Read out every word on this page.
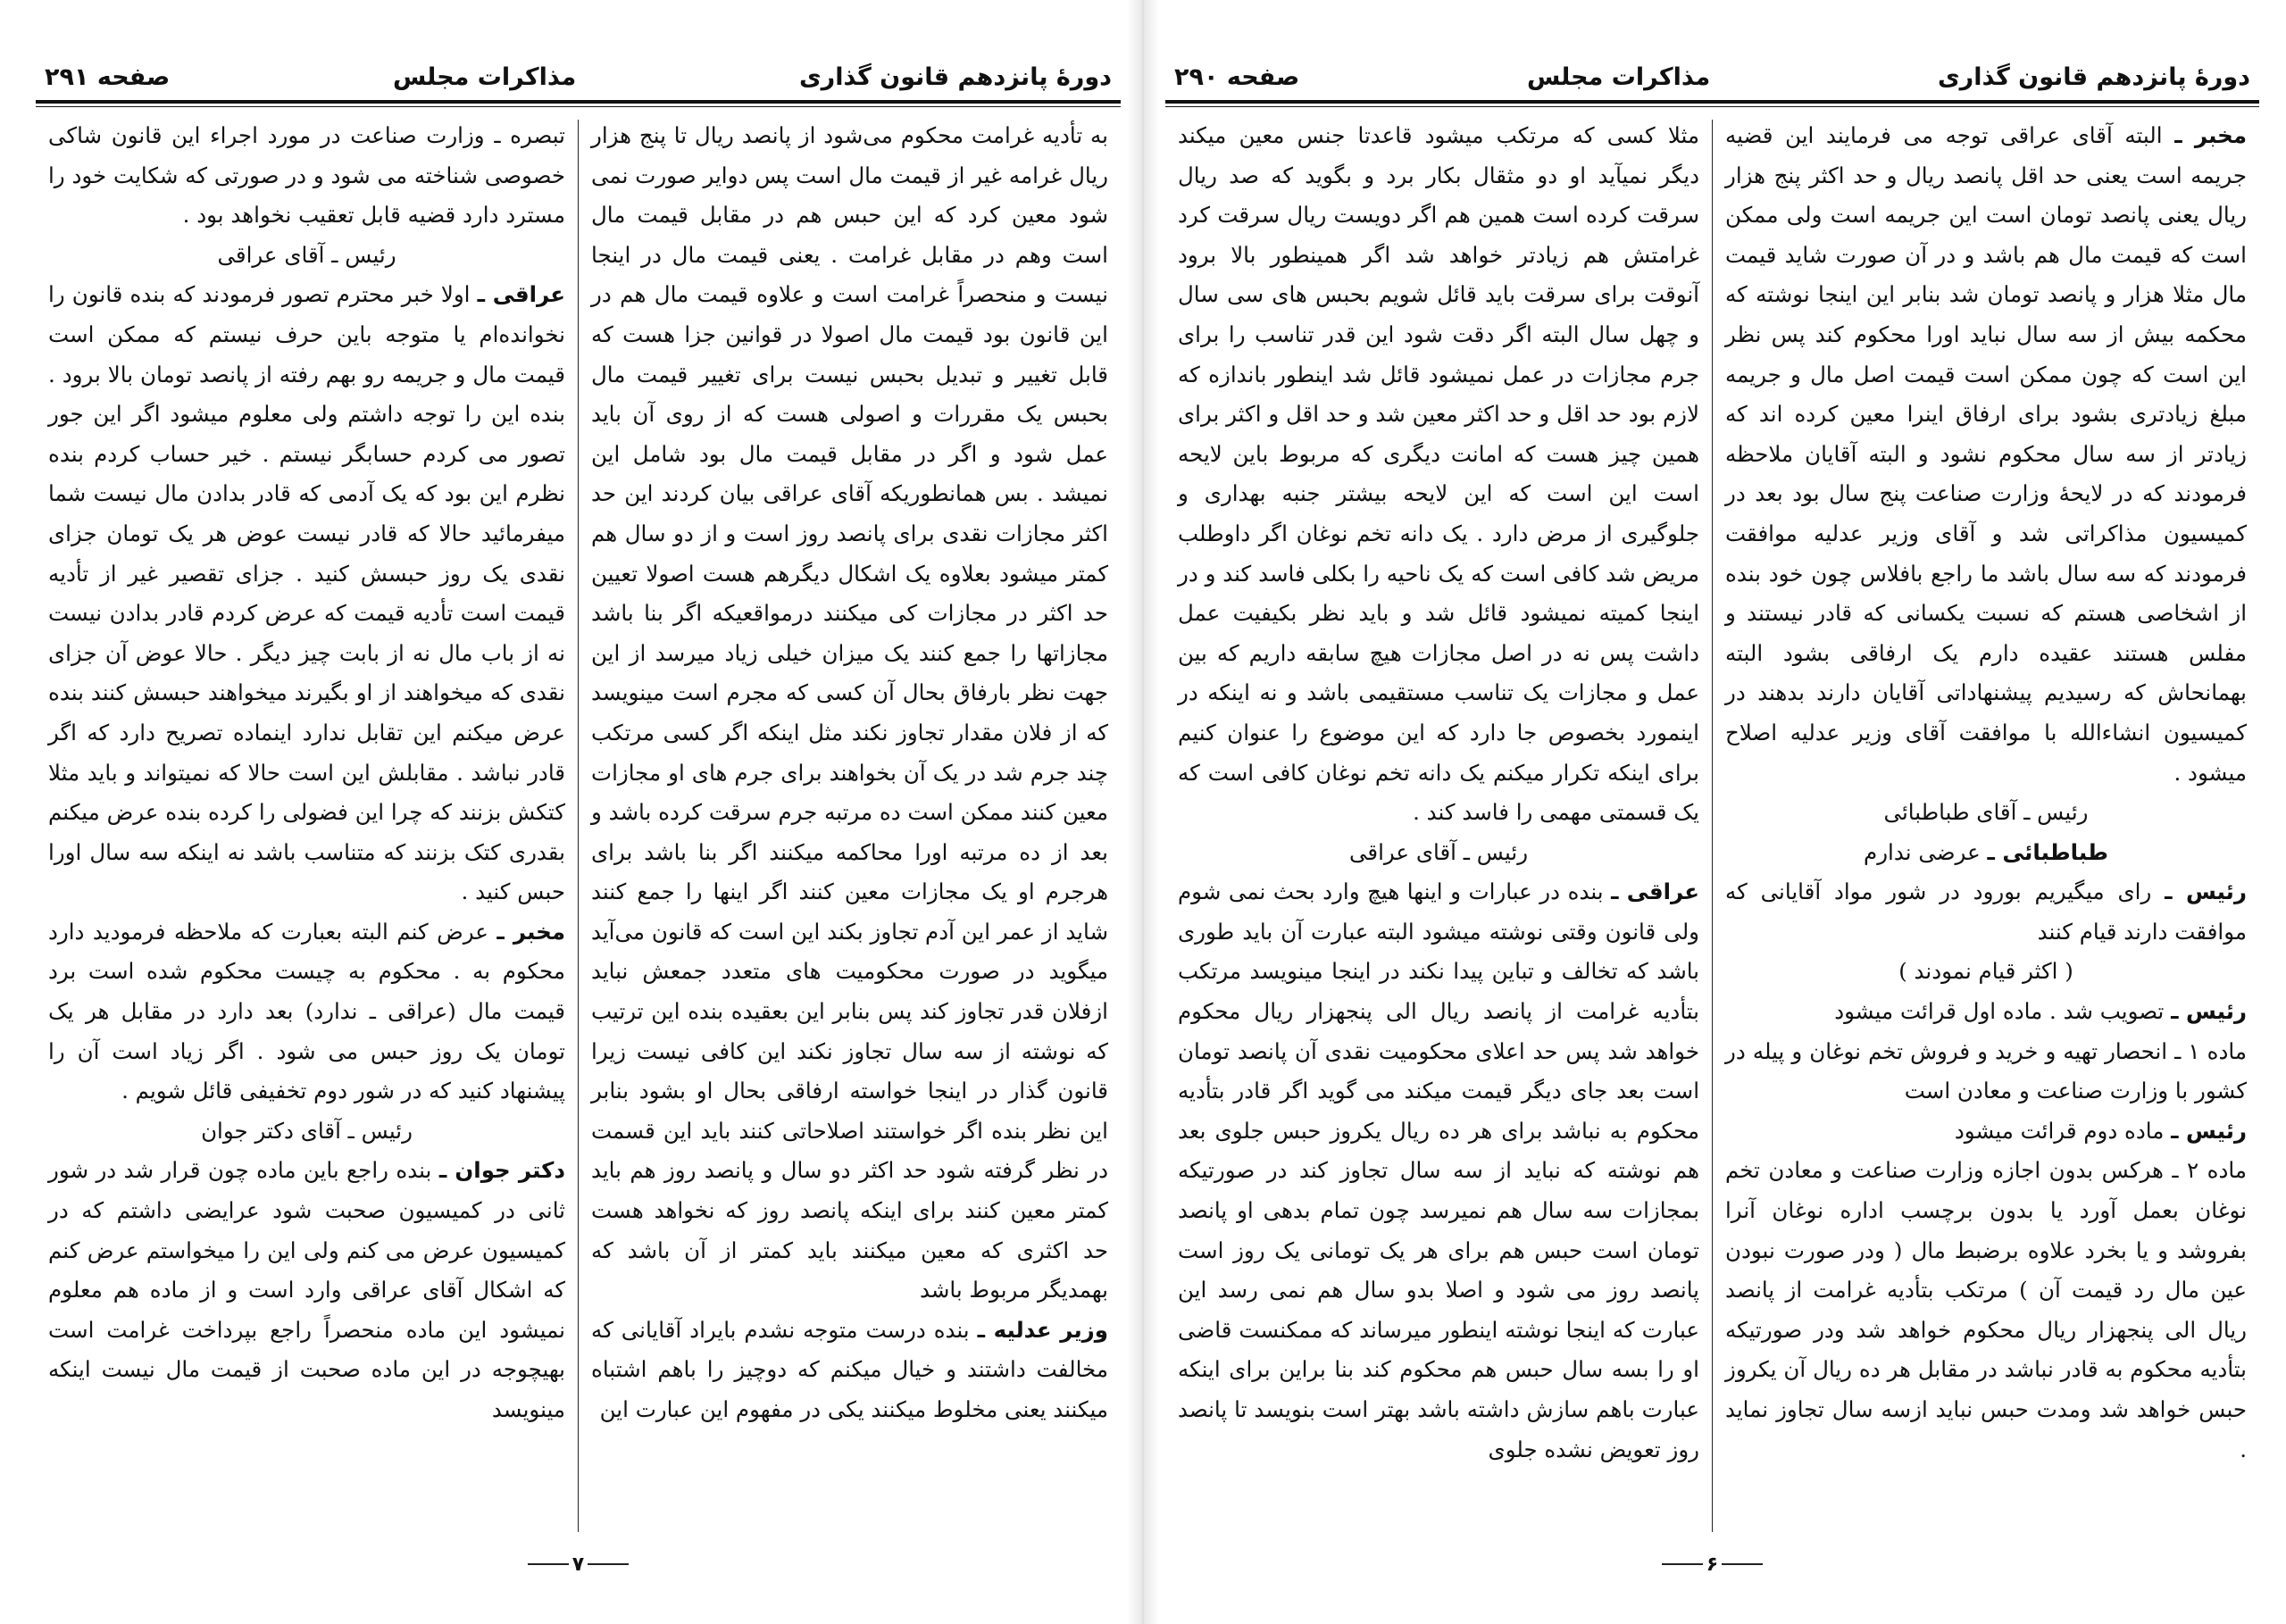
صفحه ۲۹۱	مذاکرات مجلس	دورهٔ پانزدهم قانون گذاری

تبصره ـ وزارت صناعت در مورد اجراء این قانون شاکی خصوصی شناخته می شود و در صورتی که شکایت خود را مسترد دارد قضیه قابل تعقیب نخواهد بود .

رئیس ـ آقای عراقی

عراقی ـ اولا خبر محترم تصور فرمودند که بنده قانون را نخوانده‌ام یا متوجه باین حرف نیستم که ممکن است قیمت مال و جریمه رو بهم رفته از پانصد تومان بالا برود . بنده این را توجه داشتم ولی معلوم میشود اگر این جور تصور می کردم حسابگر نیستم . خیر حساب کردم بنده نظرم این بود که یک آدمی که قادر بدادن مال نیست شما میفرمائید حالا که قادر نیست عوض هر یک تومان جزای نقدی یک روز حبسش کنید . جزای تقصیر غیر از تأدیه قیمت است تأدیه قیمت که عرض کردم قادر بدادن نیست نه از باب مال نه از بابت چیز دیگر . حالا عوض آن جزای نقدی که میخواهند از او بگیرند میخواهند حبسش کنند بنده عرض میکنم این تقابل ندارد اینماده تصریح دارد که اگر قادر نباشد . مقابلش این است حالا که نمیتواند و باید مثلا کتکش بزنند که چرا این فضولی را کرده بنده عرض میکنم بقدری کتک بزنند که متناسب باشد نه اینکه سه سال اورا حبس کنید .

مخبر ـ عرض کنم البته بعبارت که ملاحظه فرمودید دارد محکوم به . محکوم به چیست محکوم شده است برد قیمت مال (عراقی ـ ندارد) بعد دارد در مقابل هر یک تومان یک روز حبس می شود . اگر زیاد است آن را پیشنهاد کنید که در شور دوم تخفیفی قائل شویم .

رئیس ـ آقای دکتر جوان

دکتر جوان ـ بنده راجع باین ماده چون قرار شد در شور ثانی در کمیسیون صحبت شود عرایضی داشتم که در کمیسیون عرض می کنم ولی این را میخواستم عرض کنم که اشکال آقای عراقی وارد است و از ماده هم معلوم نمیشود این ماده منحصراً راجع بپرداخت غرامت است بهیچوجه در این ماده صحبت از قیمت مال نیست اینکه مینویسد

به تأدیه غرامت محکوم می‌شود از پانصد ریال تا پنج هزار ریال غرامه غیر از قیمت مال است پس دوایر صورت نمی شود معین کرد که این حبس هم در مقابل قیمت مال است وهم در مقابل غرامت . یعنی قیمت مال در اینجا نیست و منحصراً غرامت است و علاوه قیمت مال هم در این قانون بود قیمت مال اصولا در قوانین جزا هست که قابل تغییر و تبدیل بحبس نیست برای تغییر قیمت مال بحبس یک مقررات و اصولی هست که از روی آن باید عمل شود و اگر در مقابل قیمت مال بود شامل این نمیشد . بس همانطوریکه آقای عراقی بیان کردند این حد اکثر مجازات نقدی برای پانصد روز است و از دو سال هم کمتر میشود بعلاوه یک اشکال دیگرهم هست اصولا تعیین حد اکثر در مجازات کی میکنند درمواقعیکه اگر بنا باشد مجازاتها را جمع کنند یک میزان خیلی زیاد میرسد از این جهت نظر بارفاق بحال آن کسی که مجرم است مینویسد که از فلان مقدار تجاوز نکند مثل اینکه اگر کسی مرتکب چند جرم شد در یک آن بخواهند برای جرم های او مجازات معین کنند ممکن است ده مرتبه جرم سرقت کرده باشد و بعد از ده مرتبه اورا محاکمه میکنند اگر بنا باشد برای هرجرم او یک مجازات معین کنند اگر اینها را جمع کنند شاید از عمر این آدم تجاوز بکند این است که قانون می‌آید میگوید در صورت محکومیت های متعدد جمعش نباید ازفلان قدر تجاوز کند پس بنابر این بعقیده بنده این ترتیب که نوشته از سه سال تجاوز نکند این کافی نیست زیرا قانون گذار در اینجا خواسته ارفاقی بحال او بشود بنابر این نظر بنده اگر خواستند اصلاحاتی کنند باید این قسمت در نظر گرفته شود حد اکثر دو سال و پانصد روز هم باید کمتر معین کنند برای اینکه پانصد روز که نخواهد هست حد اکثری که معین میکنند باید کمتر از آن باشد که بهمدیگر مربوط باشد

وزیر عدلیه ـ بنده درست متوجه نشدم بایراد آقایانی که مخالفت داشتند و خیال میکنم که دوچیز را باهم اشتباه میکنند یعنی مخلوط میکنند یکی در مفهوم این عبارت این

۷
صفحه ۲۹۰	مذاکرات مجلس	دورهٔ پانزدهم قانون گذاری

مثلا کسی که مرتکب میشود قاعدتا جنس معین میکند دیگر نمیآید او دو مثقال بکار برد و بگوید که صد ریال سرقت کرده است همین هم اگر دویست ریال سرقت کرد غرامتش هم زیادتر خواهد شد اگر همینطور بالا برود آنوقت برای سرقت باید قائل شویم بحبس های سی سال و چهل سال البته اگر دقت شود این قدر تناسب را برای جرم مجازات در عمل نمیشود قائل شد اینطور باندازه که لازم بود حد اقل و حد اکثر معین شد و حد اقل و اکثر برای همین چیز هست که امانت دیگری که مربوط باین لایحه است این است که این لایحه بیشتر جنبه بهداری و جلوگیری از مرض دارد . یک دانه تخم نوغان اگر داوطلب مریض شد کافی است که یک ناحیه را بکلی فاسد کند و در اینجا کمیته نمیشود قائل شد و باید نظر بکیفیت عمل داشت پس نه در اصل مجازات هیچ سابقه داریم که بین عمل و مجازات یک تناسب مستقیمی باشد و نه اینکه در اینمورد بخصوص جا دارد که این موضوع را عنوان کنیم برای اینکه تکرار میکنم یک دانه تخم نوغان کافی است که یک قسمتی مهمی را فاسد کند .

رئیس ـ آقای عراقی

عراقی ـ بنده در عبارات و اینها هیچ وارد بحث نمی شوم ولی قانون وقتی نوشته میشود البته عبارت آن باید طوری باشد که تخالف و تباین پیدا نکند در اینجا مینویسد مرتکب بتأدیه غرامت از پانصد ریال الی پنجهزار ریال محکوم خواهد شد پس حد اعلای محکومیت نقدی آن پانصد تومان است بعد جای دیگر قیمت میکند می گوید اگر قادر بتأدیه محکوم به نباشد برای هر ده ریال یکروز حبس جلوی بعد هم نوشته که نباید از سه سال تجاوز کند در صورتیکه بمجازات سه سال هم نمیرسد چون تمام بدهی او پانصد تومان است حبس هم برای هر یک تومانی یک روز است پانصد روز می شود و اصلا بدو سال هم نمی رسد این عبارت که اینجا نوشته اینطور میرساند که ممکنست قاضی او را بسه سال حبس هم محکوم کند بنا براین برای اینکه عبارت باهم سازش داشته باشد بهتر است بنویسد تا پانصد روز تعویض نشده جلوی

مخبر ـ البته آقای عراقی توجه می فرمایند این قضیه جریمه است یعنی حد اقل پانصد ریال و حد اکثر پنج هزار ریال یعنی پانصد تومان است این جریمه است ولی ممکن است که قیمت مال هم باشد و در آن صورت شاید قیمت مال مثلا هزار و پانصد تومان شد بنابر این اینجا نوشته که محکمه بیش از سه سال نباید اورا محکوم کند پس نظر این است که چون ممکن است قیمت اصل مال و جریمه مبلغ زیادتری بشود برای ارفاق اینرا معین کرده اند که زیادتر از سه سال محکوم نشود و البته آقایان ملاحظه فرمودند که در لایحهٔ وزارت صناعت پنج سال بود بعد در کمیسیون مذاکراتی شد و آقای وزیر عدلیه موافقت فرمودند که سه سال باشد ما راجع بافلاس چون خود بنده از اشخاصی هستم که نسبت یکسانی که قادر نیستند و مفلس هستند عقیده دارم یک ارفاقی بشود البته بهمانحاش که رسیدیم پیشنهاداتی آقایان دارند بدهند در کمیسیون انشاءالله با موافقت آقای وزیر عدلیه اصلاح میشود .

رئیس ـ آقای طباطبائی

طباطبائی ـ عرضی ندارم

رئیس ـ رای میگیریم بورود در شور مواد آقایانی که موافقت دارند قیام کنند

( اکثر قیام نمودند )

رئیس ـ تصویب شد . ماده اول قرائت میشود

ماده ۱ ـ انحصار تهیه و خرید و فروش تخم نوغان و پیله در کشور با وزارت صناعت و معادن است

رئیس ـ ماده دوم قرائت میشود

ماده ۲ ـ هرکس بدون اجازه وزارت صناعت و معادن تخم نوغان بعمل آورد یا بدون برچسب اداره نوغان آنرا بفروشد و یا بخرد علاوه برضبط مال ( ودر صورت نبودن عین مال رد قیمت آن ) مرتکب بتأدیه غرامت از پانصد ریال الی پنجهزار ریال محکوم خواهد شد ودر صورتیکه بتأدیه محکوم به قادر نباشد در مقابل هر ده ریال آن یکروز حبس خواهد شد ومدت حبس نباید ازسه سال تجاوز نماید .

۶
